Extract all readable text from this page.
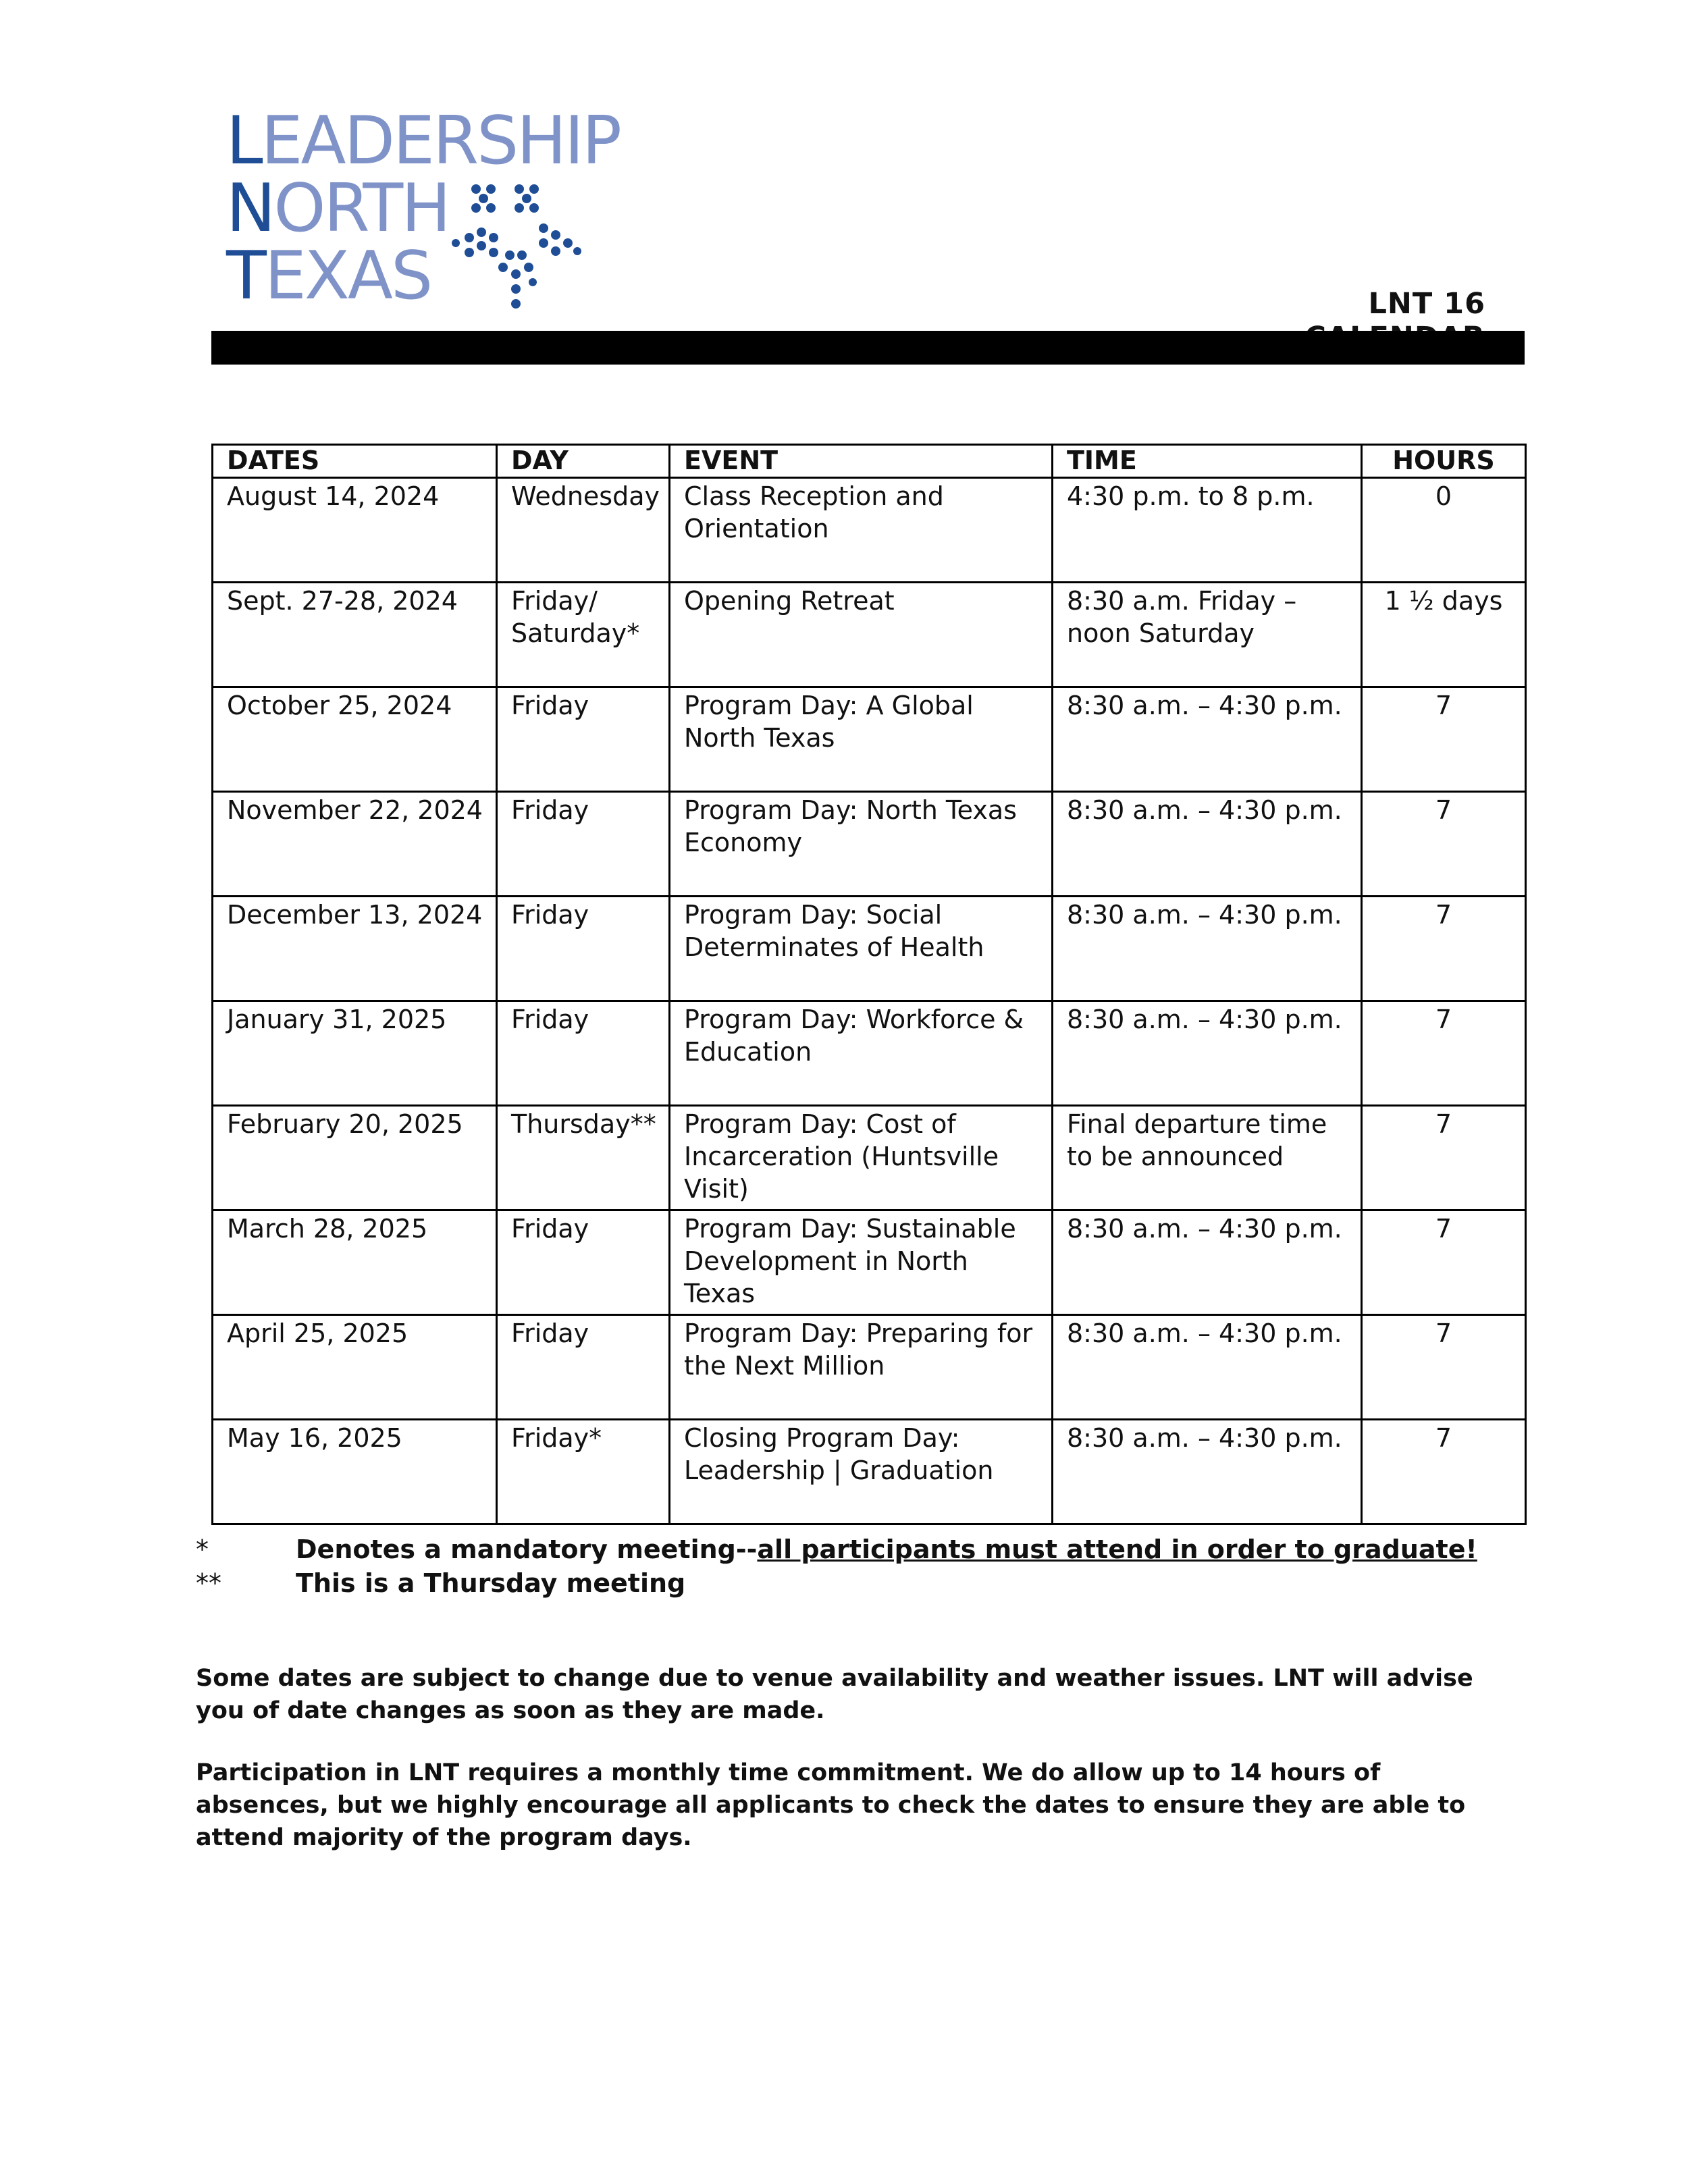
LEADERSHIP
NORTH
TEXAS	LNT 16
DATES	DAY	EVENT	TIME	HOURS
August 14, 2024	Wednesday	Class Reception and Orientation	4:30 p.m. to 8 p.m.	0
Sept. 27-28, 2024	Friday/ Saturday*	Opening Retreat	8:30 a.m. Friday – noon Saturday	1 ½ days
October 25, 2024	Friday	Program Day: A Global North Texas	8:30 a.m. – 4:30 p.m.	7
November 22, 2024	Friday	Program Day: North Texas Economy	8:30 a.m. – 4:30 p.m.	7
December 13, 2024	Friday	Program Day: Social Determinates of Health	8:30 a.m. – 4:30 p.m.	7
January 31, 2025	Friday	Program Day: Workforce & Education	8:30 a.m. – 4:30 p.m.	7
February 20, 2025	Thursday**	Program Day: Cost of Incarceration (Huntsville Visit)	Final departure time to be announced	7
March 28, 2025	Friday	Program Day: Sustainable Development in North Texas	8:30 a.m. – 4:30 p.m.	7
April 25, 2025	Friday	Program Day: Preparing for the Next Million	8:30 a.m. – 4:30 p.m.	7
May 16, 2025	Friday*	Closing Program Day: Leadership | Graduation	8:30 a.m. – 4:30 p.m.	7
*	Denotes a mandatory meeting--all participants must attend in order to graduate!
**	This is a Thursday meeting
Some dates are subject to change due to venue availability and weather issues. LNT will advise you of date changes as soon as they are made.
Participation in LNT requires a monthly time commitment. We do allow up to 14 hours of absences, but we highly encourage all applicants to check the dates to ensure they are able to attend majority of the program days.
